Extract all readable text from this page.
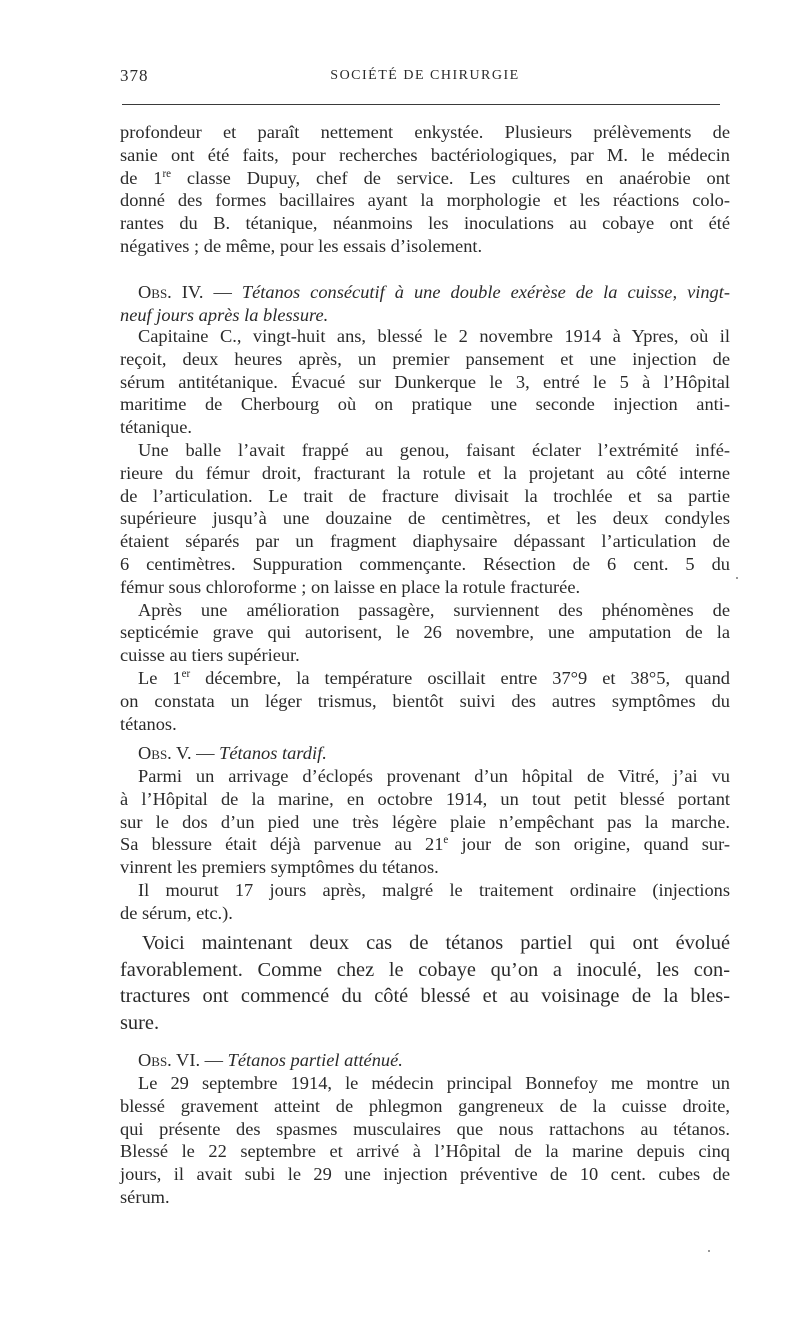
378	SOCIÉTÉ DE CHIRURGIE
profondeur et paraît nettement enkystée. Plusieurs prélèvements de
sanie ont été faits, pour recherches bactériologiques, par M. le médecin
de 1re classe Dupuy, chef de service. Les cultures en anaérobie ont
donné des formes bacillaires ayant la morphologie et les réactions colo-
rantes du B. tétanique, néanmoins les inoculations au cobaye ont été
négatives ; de même, pour les essais d’isolement.
Obs. IV. — Tétanos consécutif à une double exérèse de la cuisse, vingt-
neuf jours après la blessure.
Capitaine C., vingt-huit ans, blessé le 2 novembre 1914 à Ypres, où il
reçoit, deux heures après, un premier pansement et une injection de
sérum antitétanique. Évacué sur Dunkerque le 3, entré le 5 à l’Hôpital
maritime de Cherbourg où on pratique une seconde injection anti-
tétanique.
Une balle l’avait frappé au genou, faisant éclater l’extrémité infé-
rieure du fémur droit, fracturant la rotule et la projetant au côté interne
de l’articulation. Le trait de fracture divisait la trochlée et sa partie
supérieure jusqu’à une douzaine de centimètres, et les deux condyles
étaient séparés par un fragment diaphysaire dépassant l’articulation de
6 centimètres. Suppuration commençante. Résection de 6 cent. 5 du
fémur sous chloroforme ; on laisse en place la rotule fracturée.
Après une amélioration passagère, surviennent des phénomènes de
septicémie grave qui autorisent, le 26 novembre, une amputation de la
cuisse au tiers supérieur.
Le 1er décembre, la température oscillait entre 37°9 et 38°5, quand
on constata un léger trismus, bientôt suivi des autres symptômes du
tétanos.
Obs. V. — Tétanos tardif.
Parmi un arrivage d’éclopés provenant d’un hôpital de Vitré, j’ai vu
à l’Hôpital de la marine, en octobre 1914, un tout petit blessé portant
sur le dos d’un pied une très légère plaie n’empêchant pas la marche.
Sa blessure était déjà parvenue au 21e jour de son origine, quand sur-
vinrent les premiers symptômes du tétanos.
Il mourut 17 jours après, malgré le traitement ordinaire (injections
de sérum, etc.).
Voici maintenant deux cas de tétanos partiel qui ont évolué
favorablement. Comme chez le cobaye qu’on a inoculé, les con-
tractures ont commencé du côté blessé et au voisinage de la bles-
sure.
Obs. VI. — Tétanos partiel atténué.
Le 29 septembre 1914, le médecin principal Bonnefoy me montre un
blessé gravement atteint de phlegmon gangreneux de la cuisse droite,
qui présente des spasmes musculaires que nous rattachons au tétanos.
Blessé le 22 septembre et arrivé à l’Hôpital de la marine depuis cinq
jours, il avait subi le 29 une injection préventive de 10 cent. cubes de
sérum.
